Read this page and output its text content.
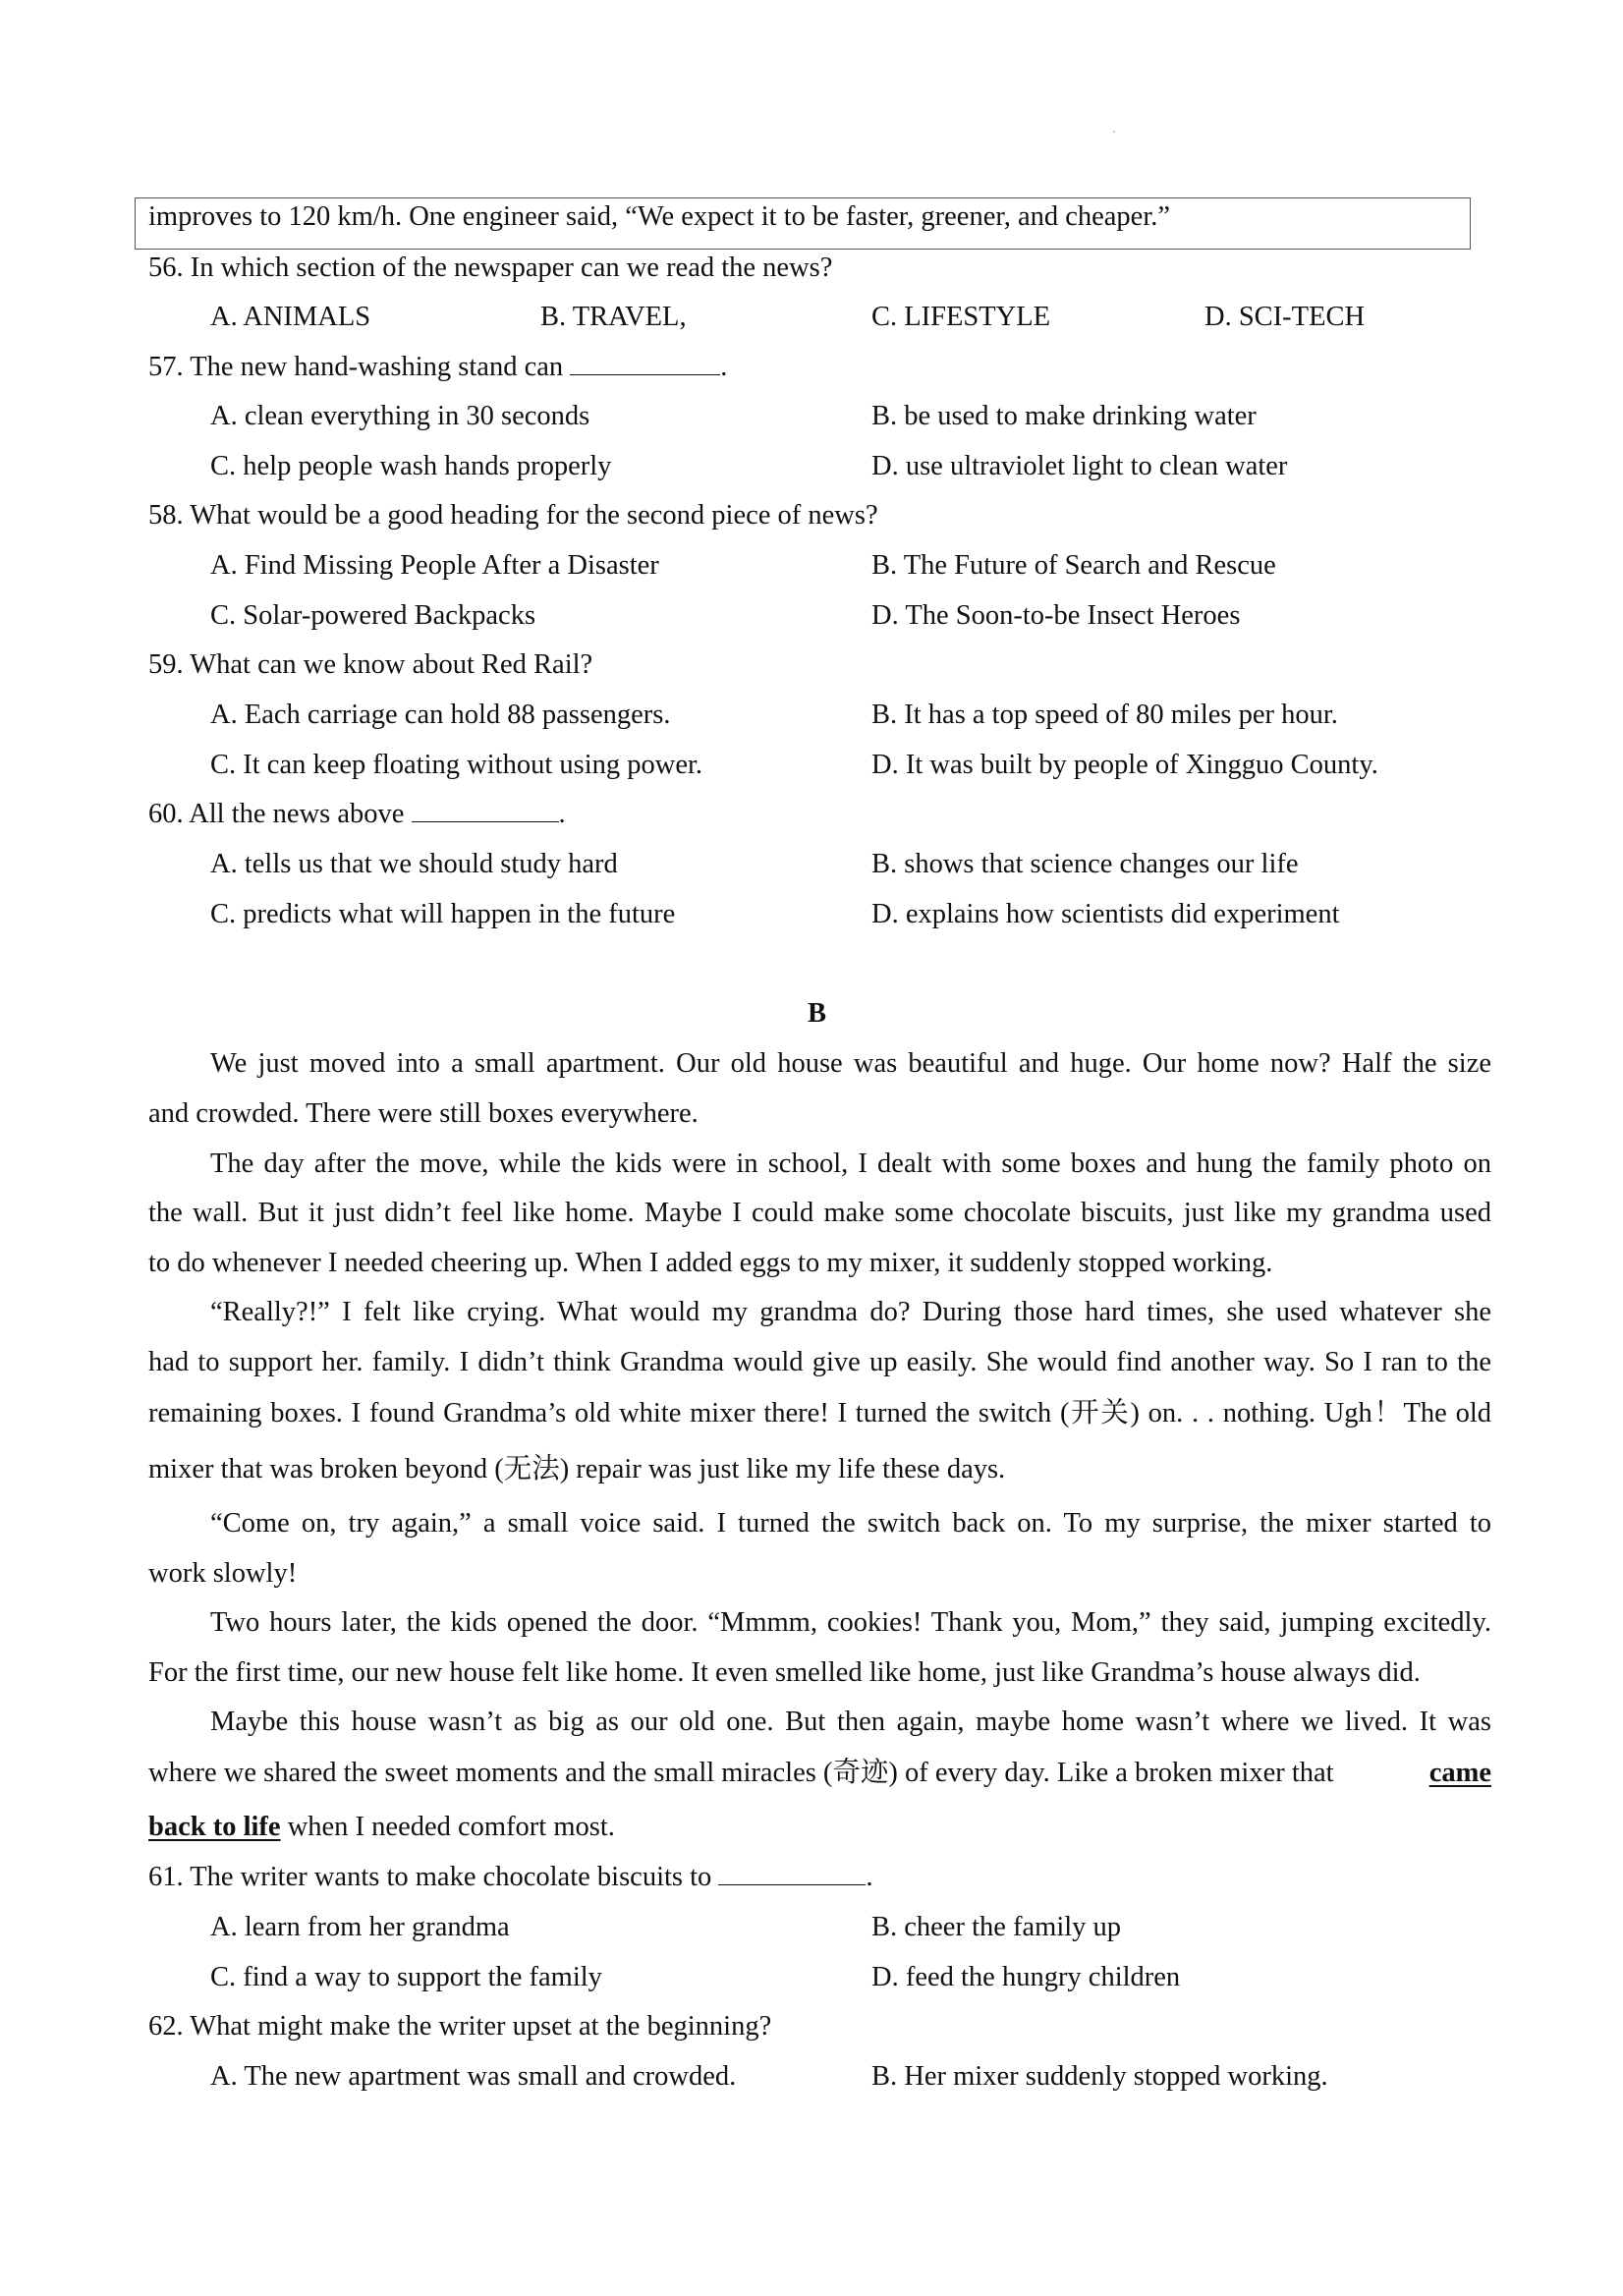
improves to 120 km/h. One engineer said, “We expect it to be faster, greener, and cheaper.”
56. In which section of the newspaper can we read the news?
A. ANIMALS	B. TRAVEL,	C. LIFESTYLE	D. SCI-TECH
57. The new hand-washing stand can	.
A. clean everything in 30 seconds	B. be used to make drinking water
C. help people wash hands properly	D. use ultraviolet light to clean water
58. What would be a good heading for the second piece of news?
A. Find Missing People After a Disaster	B. The Future of Search and Rescue
C. Solar-powered Backpacks	D. The Soon-to-be Insect Heroes
59. What can we know about Red Rail?
A. Each carriage can hold 88 passengers.	B. It has a top speed of 80 miles per hour.
C. It can keep floating without using power.	D. It was built by people of Xingguo County.
60. All the news above	.
A. tells us that we should study hard	B. shows that science changes our life
C. predicts what will happen in the future	D. explains how scientists did experiment
B
We just moved into a small apartment. Our old house was beautiful and huge. Our home now? Half the size
and crowded. There were still boxes everywhere.
The day after the move, while the kids were in school, I dealt with some boxes and hung the family photo on
the wall. But it just didn’t feel like home. Maybe I could make some chocolate biscuits, just like my grandma used
to do whenever I needed cheering up. When I added eggs to my mixer, it suddenly stopped working.
“Really?!” I felt like crying. What would my grandma do? During those hard times, she used whatever she
had to support her. family. I didn’t think Grandma would give up easily. She would find another way. So I ran to the
remaining boxes. I found Grandma’s old white mixer there! I turned the switch (开关) on. . . nothing. Ugh！The old
mixer that was broken beyond (无法) repair was just like my life these days.
“Come on, try again,” a small voice said. I turned the switch back on. To my surprise, the mixer started to
work slowly!
Two hours later, the kids opened the door. “Mmmm, cookies! Thank you, Mom,” they said, jumping excitedly.
For the first time, our new house felt like home. It even smelled like home, just like Grandma’s house always did.
Maybe this house wasn’t as big as our old one. But then again, maybe home wasn’t where we lived. It was
where we shared the sweet moments and the small miracles (奇迹) of every day. Like a broken mixer that	came
back to life when I needed comfort most.
61. The writer wants to make chocolate biscuits to	.
A. learn from her grandma	B. cheer the family up
C. find a way to support the family	D. feed the hungry children
62. What might make the writer upset at the beginning?
A. The new apartment was small and crowded.	B. Her mixer suddenly stopped working.
